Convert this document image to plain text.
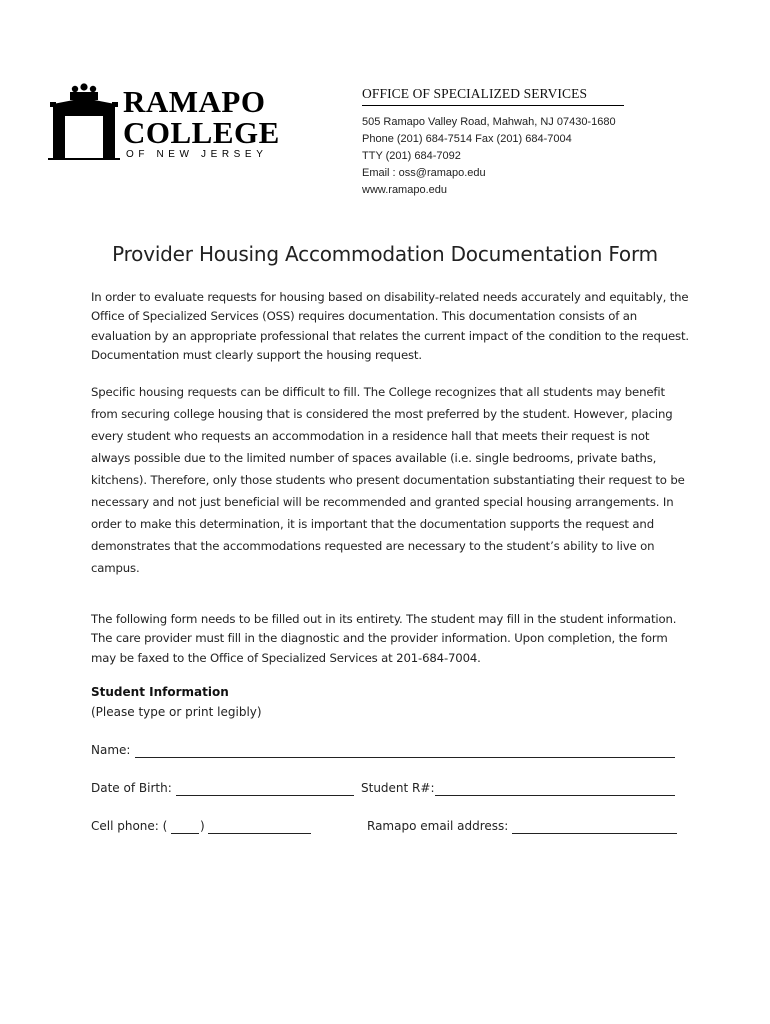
RAMAPO
COLLEGE
OF NEW JERSEY
OFFICE OF SPECIALIZED SERVICES
505 Ramapo Valley Road, Mahwah, NJ 07430-1680
Phone (201) 684-7514 Fax (201) 684-7004
TTY (201) 684-7092
Email : oss@ramapo.edu
www.ramapo.edu
Provider Housing Accommodation Documentation Form

In order to evaluate requests for housing based on disability-related needs accurately and equitably, the Office of Specialized Services (OSS) requires documentation. This documentation consists of an evaluation by an appropriate professional that relates the current impact of the condition to the request. Documentation must clearly support the housing request.

Specific housing requests can be difficult to fill. The College recognizes that all students may benefit from securing college housing that is considered the most preferred by the student. However, placing every student who requests an accommodation in a residence hall that meets their request is not always possible due to the limited number of spaces available (i.e. single bedrooms, private baths, kitchens). Therefore, only those students who present documentation substantiating their request to be necessary and not just beneficial will be recommended and granted special housing arrangements. In order to make this determination, it is important that the documentation supports the request and demonstrates that the accommodations requested are necessary to the student’s ability to live on campus.

The following form needs to be filled out in its entirety. The student may fill in the student information. The care provider must fill in the diagnostic and the provider information. Upon completion, the form may be faxed to the Office of Specialized Services at 201-684-7004.

Student Information
(Please type or print legibly)
Name:
Date of Birth:	Student R#:
Cell phone: (	)	Ramapo email address:
